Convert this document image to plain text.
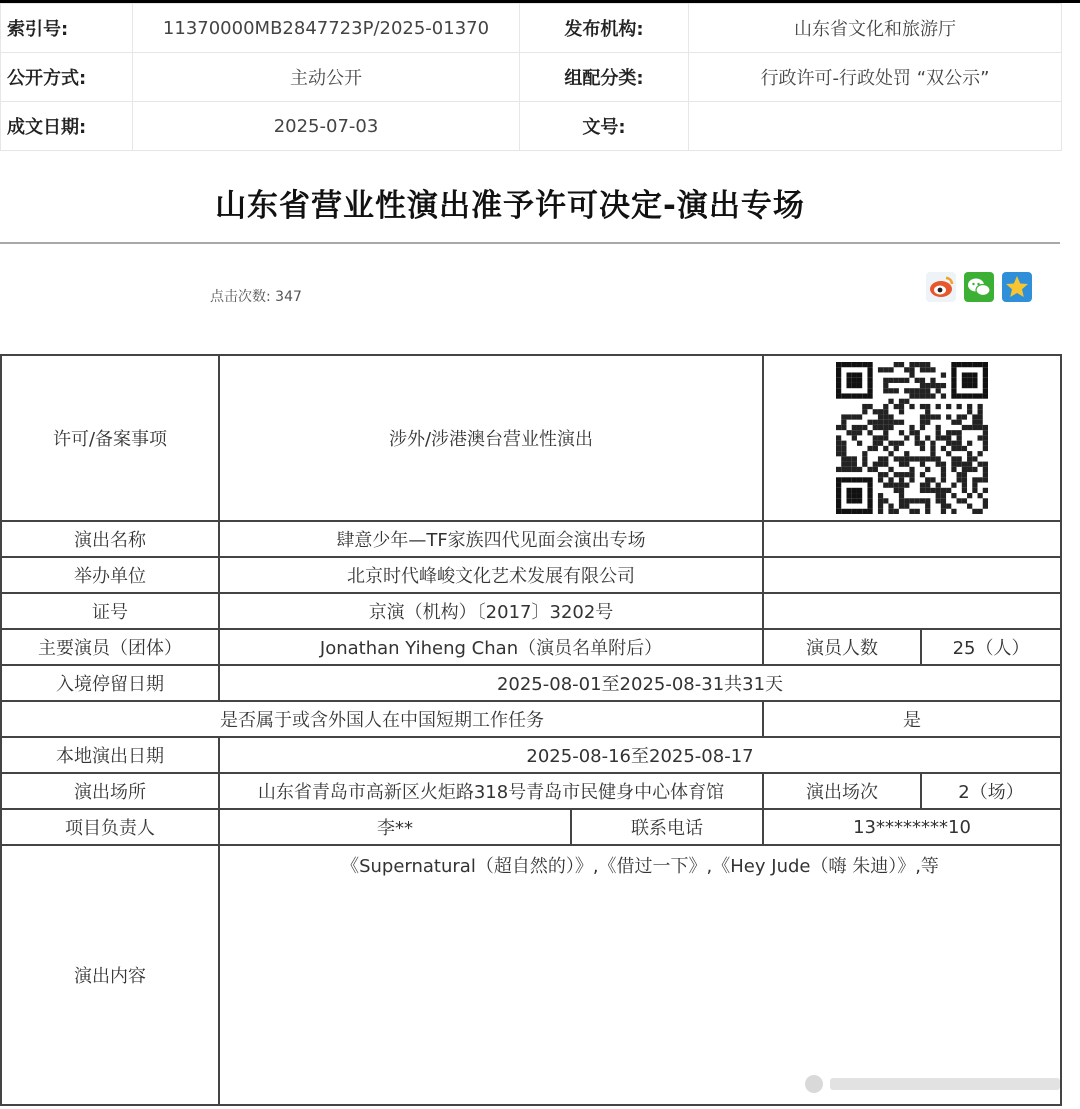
索引号:	11370000MB2847723P/2025-01370	发布机构:	山东省文化和旅游厅
公开方式:	主动公开	组配分类:	行政许可-行政处罚 “双公示”
成文日期:	2025-07-03	文号:	
山东省营业性演出准予许可决定-演出专场
点击次数: 347
许可/备案事项	涉外/涉港澳台营业性演出	

演出名称	肆意少年—TF家族四代见面会演出专场			
举办单位	北京时代峰峻文化艺术发展有限公司			
证号	京演（机构）〔2017〕3202号			
主要演员（团体）	Jonathan Yiheng Chan（演员名单附后）		演员人数	25（人）
入境停留日期	2025-08-01至2025-08-31共31天			
是否属于或含外国人在中国短期工作任务			是	
本地演出日期	2025-08-16至2025-08-17			
演出场所	山东省青岛市高新区火炬路318号青岛市民健身中心体育馆		演出场次	2（场）
项目负责人	李**	联系电话	13********10	
演出内容	《Supernatural（超自然的）》,《借过一下》,《Hey Jude（嗨 朱迪）》,等			
